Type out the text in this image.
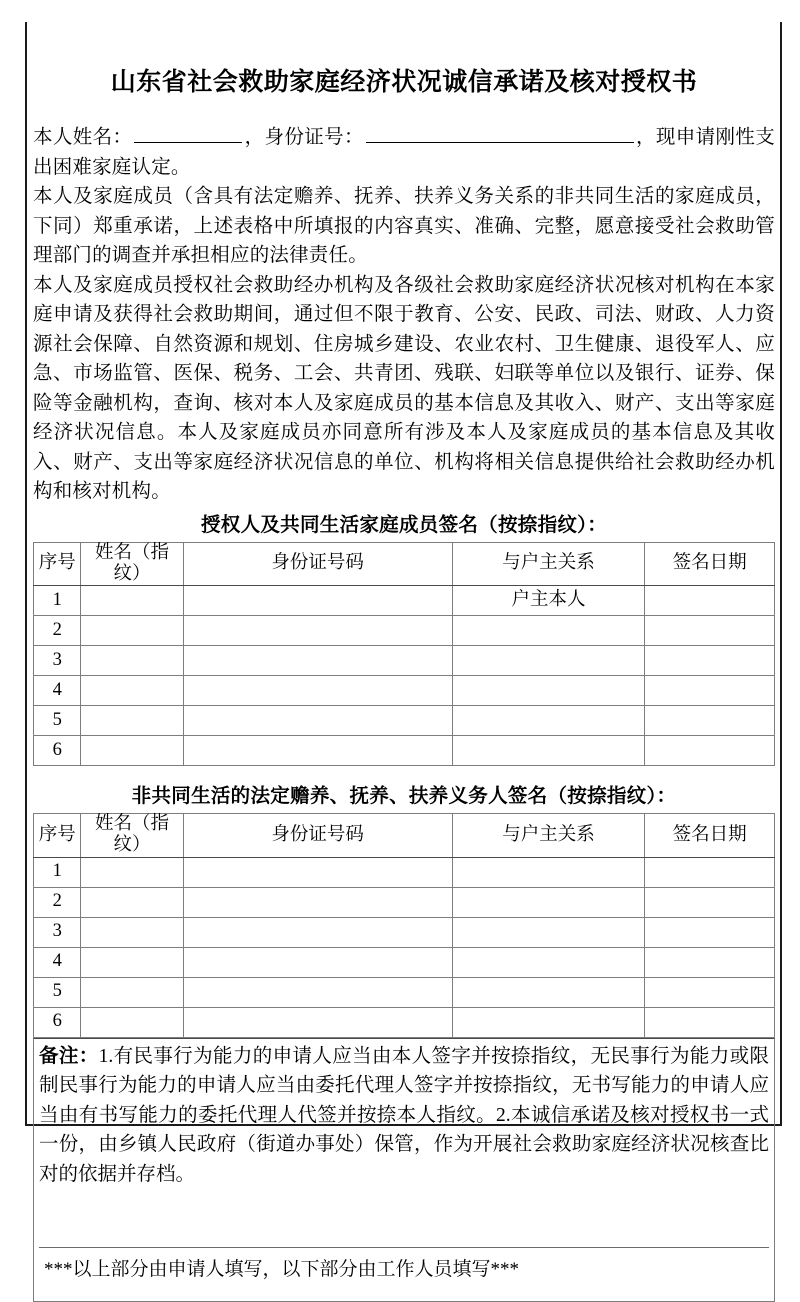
山东省社会救助家庭经济状况诚信承诺及核对授权书

本人姓名：	，身份证号：	，现申请刚性支出困难家庭认定。

本人及家庭成员（含具有法定赡养、抚养、扶养义务关系的非共同生活的家庭成员，下同）郑重承诺，上述表格中所填报的内容真实、准确、完整，愿意接受社会救助管理部门的调查并承担相应的法律责任。

本人及家庭成员授权社会救助经办机构及各级社会救助家庭经济状况核对机构在本家庭申请及获得社会救助期间，通过但不限于教育、公安、民政、司法、财政、人力资源社会保障、自然资源和规划、住房城乡建设、农业农村、卫生健康、退役军人、应急、市场监管、医保、税务、工会、共青团、残联、妇联等单位以及银行、证券、保险等金融机构，查询、核对本人及家庭成员的基本信息及其收入、财产、支出等家庭经济状况信息。本人及家庭成员亦同意所有涉及本人及家庭成员的基本信息及其收入、财产、支出等家庭经济状况信息的单位、机构将相关信息提供给社会救助经办机构和核对机构。

授权人及共同生活家庭成员签名（按捺指纹）：
序号	姓名（指纹）	身份证号码	与户主关系	签名日期
1			户主本人	
2				
3				
4				
5				
6				
非共同生活的法定赡养、抚养、扶养义务人签名（按捺指纹）：
序号	姓名（指纹）	身份证号码	与户主关系	签名日期
1				
2				
3				
4				
5				
6				

备注：1.有民事行为能力的申请人应当由本人签字并按捺指纹，无民事行为能力或限制民事行为能力的申请人应当由委托代理人签字并按捺指纹，无书写能力的申请人应当由有书写能力的委托代理人代签并按捺本人指纹。2.本诚信承诺及核对授权书一式一份，由乡镇人民政府（街道办事处）保管，作为开展社会救助家庭经济状况核查比对的依据并存档。

***以上部分由申请人填写，以下部分由工作人员填写***
